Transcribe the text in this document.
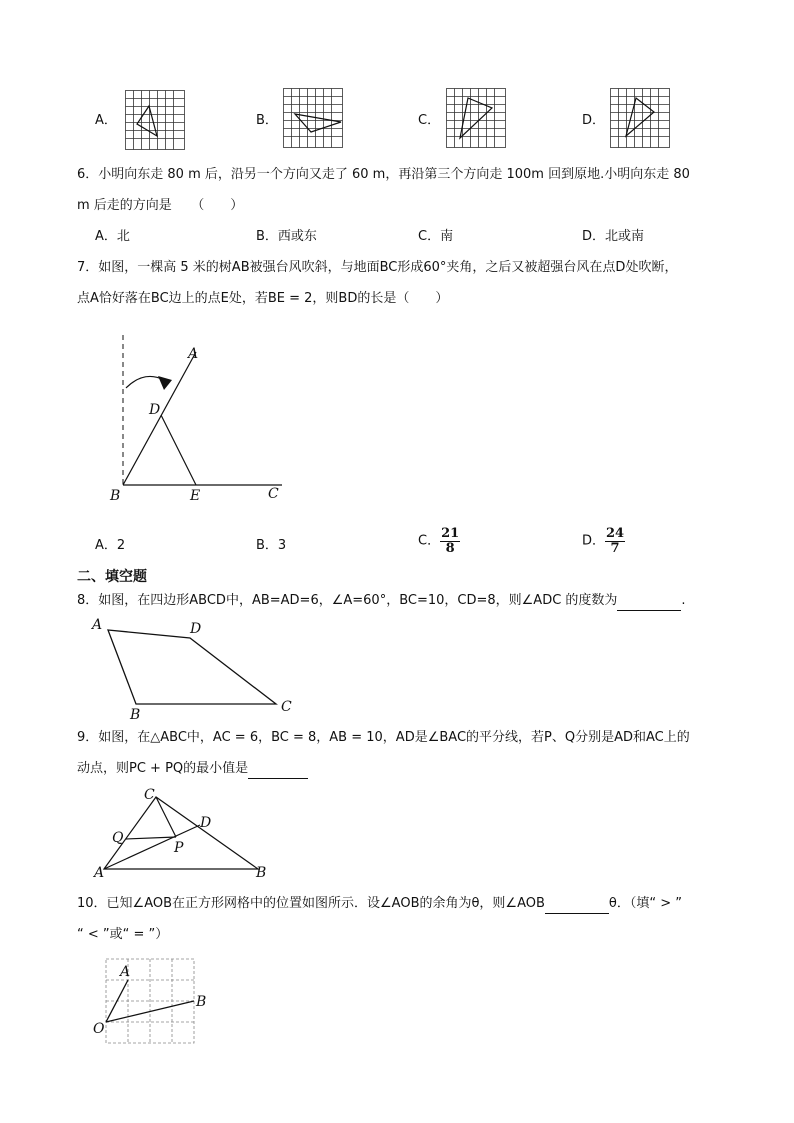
A．	B．	C．	D．
6．小明向东走 80 m 后，沿另一个方向又走了 60 m，再沿第三个方向走 100m 回到原地.小明向东走 80
m 后走的方向是　　（　　）
A．北	B．西或东	C．南	D．北或南
7．如图，一棵高 5 米的树AB被强台风吹斜，与地面BC形成60°夹角，之后又被超强台风在点D处吹断，
点A恰好落在BC边上的点E处，若BE = 2，则BD的长是（　　）
A
D
B	E	C
A．2	B．3	C． $\frac{21}{8}$	D． $\frac{24}{7}$
二、填空题
8．如图，在四边形ABCD中，AB=AD=6，∠A=60°，BC=10，CD=8，则∠ADC 的度数为	.
A	D
C
B
9．如图，在△ABC中，AC = 6，BC = 8，AB = 10，AD是∠BAC的平分线，若P、Q分别是AD和AC上的
动点，则PC + PQ的最小值是
C
D
Q
P
A	B
10．已知∠AOB在正方形网格中的位置如图所示．设∠AOB的余角为θ，则∠AOB	θ．（填“ > ”
“ < ”或“ = ”）
A
B
O
